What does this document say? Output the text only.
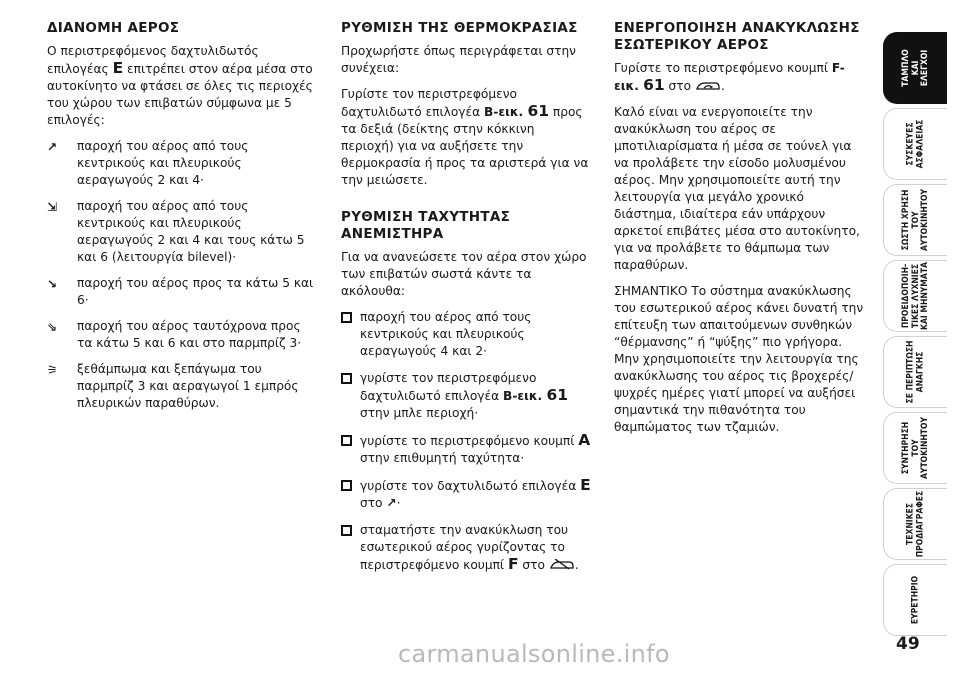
ΔΙΑΝΟΜΗ ΑΕΡΟΣ

Ο περιστρεφόμενος δαχτυλιδωτός επιλογέας E επιτρέπει στον αέρα μέσα στο αυτοκίνητο να φτάσει σε όλες τις περιοχές του χώρου των επιβατών σύμφωνα με 5 επιλογές:

↗	παροχή του αέρος από τους κεντρικούς και πλευρικούς αεραγωγούς 2 και 4·
⇲	παροχή του αέρος από τους κεντρικούς και πλευρικούς αεραγωγούς 2 και 4 και τους κάτω 5 και 6 (λειτουργία bilevel)·
↘	παροχή του αέρος προς τα κάτω 5 και 6·
⇘	παροχή του αέρος ταυτόχρονα προς τα κάτω 5 και 6 και στο παρμπρίζ 3·
⚞ ξεθάμπωμα και ξεπάγωμα του παρμπρίζ 3 και αεραγωγοί 1 εμπρός πλευρικών παραθύρων.
ΡΥΘΜΙΣΗ ΤΗΣ ΘΕΡΜΟΚΡΑΣΙΑΣ

Προχωρήστε όπως περιγράφεται στην συνέχεια:

Γυρίστε τον περιστρεφόμενο δαχτυλιδωτό επιλογέα B-εικ. 61 προς τα δεξιά (δείκτης στην κόκκινη περιοχή) για να αυξήσετε την θερμοκρασία ή προς τα αριστερά για να την μειώσετε.

ΡΥΘΜΙΣΗ ΤΑΧΥΤΗΤΑΣ ΑΝΕΜΙΣΤΗΡΑ

Για να ανανεώσετε τον αέρα στον χώρο των επιβατών σωστά κάντε τα ακόλουθα:

παροχή του αέρος από τους κεντρικούς και πλευρικούς αεραγωγούς 4 και 2·
γυρίστε τον περιστρεφόμενο δαχτυλιδωτό επιλογέα B-εικ. 61 στην μπλε περιοχή·
γυρίστε το περιστρεφόμενο κουμπί A στην επιθυμητή ταχύτητα·
γυρίστε τον δαχτυλιδωτό επιλογέα E στο ↗·
σταματήστε την ανακύκλωση του εσωτερικού αέρος γυρίζοντας το περιστρεφόμενο κουμπί F στο .
ΕΝΕΡΓΟΠΟΙΗΣΗ ΑΝΑΚΥΚΛΩΣΗΣ ΕΣΩΤΕΡΙΚΟΥ ΑΕΡΟΣ

Γυρίστε το περιστρεφόμενο κουμπί F-εικ. 61 στο .

Καλό είναι να ενεργοποιείτε την ανακύκλωση του αέρος σε μποτιλιαρίσματα ή μέσα σε τούνελ για να προλάβετε την είσοδο μολυσμένου αέρος. Μην χρησιμοποιείτε αυτή την λειτουργία για μεγάλο χρονικό διάστημα, ιδιαίτερα εάν υπάρχουν αρκετοί επιβάτες μέσα στο αυτοκίνητο, για να προλάβετε το θάμπωμα των παραθύρων.

ΣΗΜΑΝΤΙΚΟ Το σύστημα ανακύκλωσης του εσωτερικού αέρος κάνει δυνατή την επίτευξη των απαιτούμενων συνθηκών “θέρμανσης” ή “ψύξης” πιο γρήγορα. Μην χρησιμοποιείτε την λειτουργία της ανακύκλωσης του αέρος τις βροχερές/ψυχρές ημέρες γιατί μπορεί να αυξήσει σημαντικά την πιθανότητα του θαμπώματος των τζαμιών.

ΤΑΜΠΛΟ
ΚΑΙ
ΕΛΕΓΧΟΙ
ΣΥΣΚΕΥΕΣ
ΑΣΦΑΛΕΙΑΣ
ΣΩΣΤΗ ΧΡΗΣΗ
ΤΟΥ
ΑΥΤΟΚΙΝΗΤΟΥ
ΠΡΟΕΙΔΟΠΟΙΗ-
ΤΙΚΕΣ ΛΥΧΝΙΕΣ
ΚΑΙ ΜΗΝΥΜΑΤΑ
ΣΕ ΠΕΡΙΠΤΩΣΗ
ΑΝΑΓΚΗΣ
ΣΥΝΤΗΡΗΣΗ
ΤΟΥ
ΑΥΤΟΚΙΝΗΤΟΥ
ΤΕΧΝΙΚΕΣ
ΠΡΟΔΙΑΓΡΑΦΕΣ
ΕΥΡΕΤΗΡΙΟ
49
carmanualsonline.info
